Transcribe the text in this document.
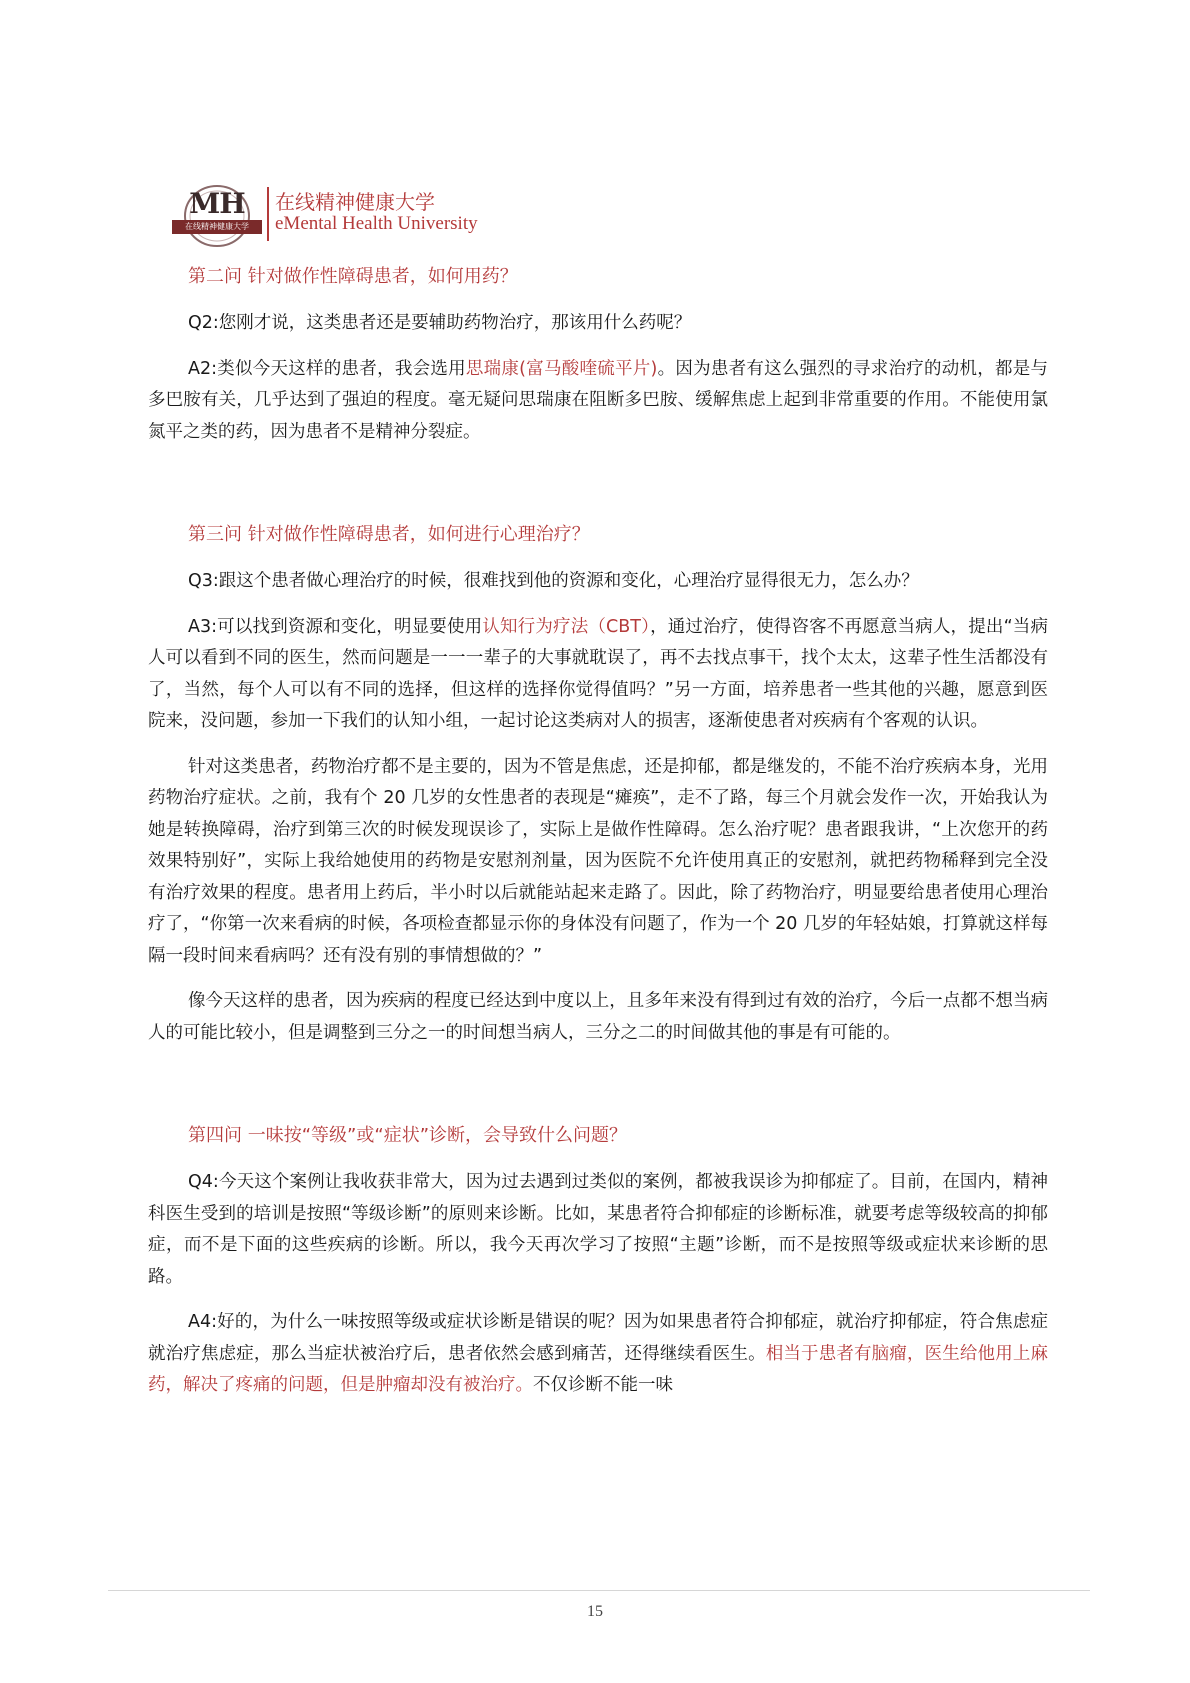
MH
在线精神健康大学
在线精神健康大学
eMental Health University

第二问 针对做作性障碍患者，如何用药？

Q2:您刚才说，这类患者还是要辅助药物治疗，那该用什么药呢？

A2:类似今天这样的患者，我会选用思瑞康(富马酸喹硫平片)。因为患者有这么强烈的寻求治疗的动机，都是与多巴胺有关，几乎达到了强迫的程度。毫无疑问思瑞康在阻断多巴胺、缓解焦虑上起到非常重要的作用。不能使用氯氮平之类的药，因为患者不是精神分裂症。

第三问 针对做作性障碍患者，如何进行心理治疗？

Q3:跟这个患者做心理治疗的时候，很难找到他的资源和变化，心理治疗显得很无力，怎么办？

A3:可以找到资源和变化，明显要使用认知行为疗法（CBT），通过治疗，使得咨客不再愿意当病人，提出“当病人可以看到不同的医生，然而问题是一一一辈子的大事就耽误了，再不去找点事干，找个太太，这辈子性生活都没有了，当然，每个人可以有不同的选择，但这样的选择你觉得值吗？”另一方面，培养患者一些其他的兴趣，愿意到医院来，没问题，参加一下我们的认知小组，一起讨论这类病对人的损害，逐渐使患者对疾病有个客观的认识。

针对这类患者，药物治疗都不是主要的，因为不管是焦虑，还是抑郁，都是继发的，不能不治疗疾病本身，光用药物治疗症状。之前，我有个 20 几岁的女性患者的表现是“瘫痪”，走不了路，每三个月就会发作一次，开始我认为她是转换障碍，治疗到第三次的时候发现误诊了，实际上是做作性障碍。怎么治疗呢？患者跟我讲，“上次您开的药效果特别好”，实际上我给她使用的药物是安慰剂剂量，因为医院不允许使用真正的安慰剂，就把药物稀释到完全没有治疗效果的程度。患者用上药后，半小时以后就能站起来走路了。因此，除了药物治疗，明显要给患者使用心理治疗了，“你第一次来看病的时候，各项检查都显示你的身体没有问题了，作为一个 20 几岁的年轻姑娘，打算就这样每隔一段时间来看病吗？还有没有别的事情想做的？”

像今天这样的患者，因为疾病的程度已经达到中度以上，且多年来没有得到过有效的治疗，今后一点都不想当病人的可能比较小，但是调整到三分之一的时间想当病人，三分之二的时间做其他的事是有可能的。

第四问 一味按“等级”或“症状”诊断，会导致什么问题？

Q4:今天这个案例让我收获非常大，因为过去遇到过类似的案例，都被我误诊为抑郁症了。目前，在国内，精神科医生受到的培训是按照“等级诊断”的原则来诊断。比如，某患者符合抑郁症的诊断标准，就要考虑等级较高的抑郁症，而不是下面的这些疾病的诊断。所以，我今天再次学习了按照“主题”诊断，而不是按照等级或症状来诊断的思路。

A4:好的，为什么一味按照等级或症状诊断是错误的呢？因为如果患者符合抑郁症，就治疗抑郁症，符合焦虑症就治疗焦虑症，那么当症状被治疗后，患者依然会感到痛苦，还得继续看医生。相当于患者有脑瘤，医生给他用上麻药，解决了疼痛的问题，但是肿瘤却没有被治疗。不仅诊断不能一味

15
